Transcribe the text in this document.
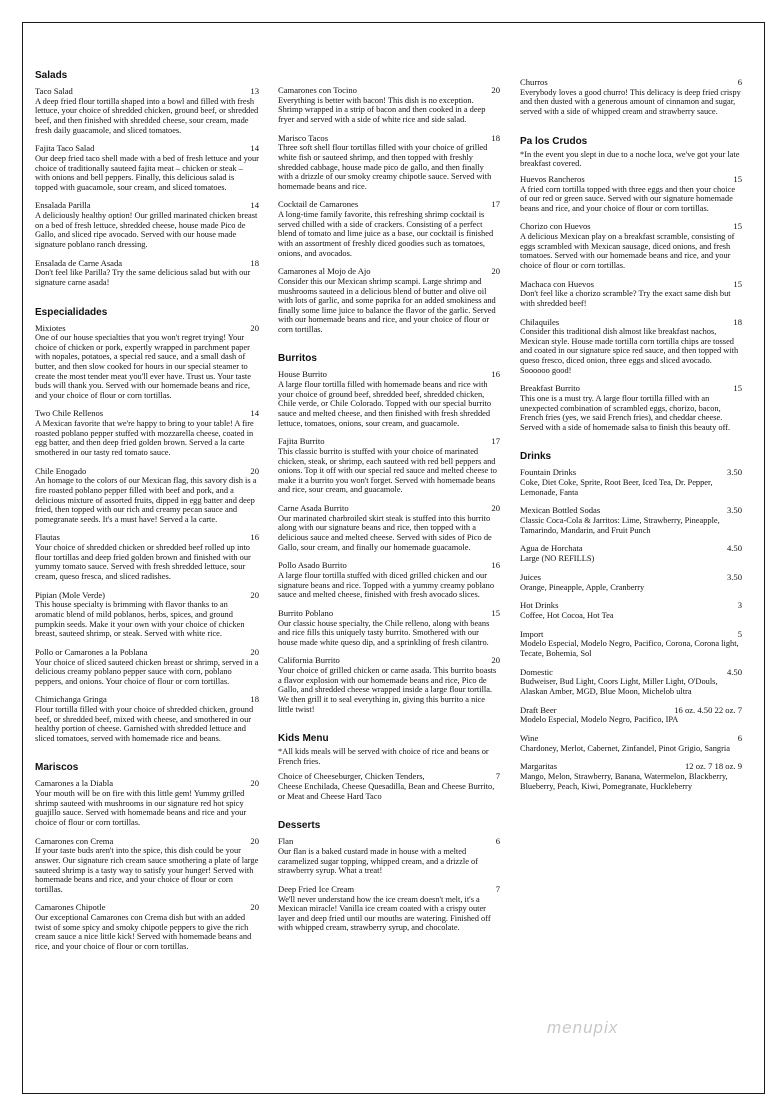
Salads
Taco Salad	13
A deep fried flour tortilla shaped into a bowl and filled with fresh lettuce, your choice of shredded chicken, ground beef, or shredded beef, and then finished with shredded cheese, sour cream, made fresh daily guacamole, and sliced tomatoes.
Fajita Taco Salad	14
Our deep fried taco shell made with a bed of fresh lettuce and your choice of traditionally sauteed fajita meat – chicken or steak – with onions and bell peppers. Finally, this delicious salad is topped with guacamole, sour cream, and sliced tomatoes.
Ensalada Parilla	14
A deliciously healthy option! Our grilled marinated chicken breast on a bed of fresh lettuce, shredded cheese, house made Pico de Gallo, and sliced ripe avocado. Served with our house made signature poblano ranch dressing.
Ensalada de Carne Asada	18
Don't feel like Parilla? Try the same delicious salad but with our signature carne asada!
Especialidades
Mixiotes	20
One of our house specialties that you won't regret trying! Your choice of chicken or pork, expertly wrapped in parchment paper with nopales, potatoes, a special red sauce, and a small dash of butter, and then slow cooked for hours in our special steamer to create the most tender meat you'll ever have. Trust us. Your taste buds will thank you. Served with our homemade beans and rice, and your choice of flour or corn tortillas.
Two Chile Rellenos	14
A Mexican favorite that we're happy to bring to your table! A fire roasted poblano pepper stuffed with mozzarella cheese, coated in egg batter, and then deep fried golden brown. Served a la carte smothered in our tasty red tomato sauce.
Chile Enogado	20
An homage to the colors of our Mexican flag, this savory dish is a fire roasted poblano pepper filled with beef and pork, and a delicious mixture of assorted fruits, dipped in egg batter and deep fried, then topped with our rich and creamy pecan sauce and pomegranate seeds. It's a must have! Served a la carte.
Flautas	16
Your choice of shredded chicken or shredded beef rolled up into flour tortillas and deep fried golden brown and finished with our yummy tomato sauce. Served with fresh shredded lettuce, sour cream, queso fresca, and sliced radishes.
Pipian (Mole Verde)	20
This house specialty is brimming with flavor thanks to an aromatic blend of mild poblanos, herbs, spices, and ground pumpkin seeds. Make it your own with your choice of chicken breast, sauteed shrimp, or steak. Served with white rice.
Pollo or Camarones a la Poblana	20
Your choice of sliced sauteed chicken breast or shrimp, served in a delicious creamy poblano pepper sauce with corn, poblano peppers, and onions. Your choice of flour or corn tortillas.
Chimichanga Gringa	18
Flour tortilla filled with your choice of shredded chicken, ground beef, or shredded beef, mixed with cheese, and smothered in our healthy portion of cheese. Garnished with shredded lettuce and sliced tomatoes, served with homemade rice and beans.
Mariscos
Camarones a la Diabla	20
Your mouth will be on fire with this little gem! Yummy grilled shrimp sauteed with mushrooms in our signature red hot spicy guajillo sauce. Served with homemade beans and rice and your choice of flour or corn tortillas.
Camarones con Crema	20
If your taste buds aren't into the spice, this dish could be your answer. Our signature rich cream sauce smothering a plate of large sauteed shrimp is a tasty way to satisfy your hunger! Served with homemade beans and rice, and your choice of flour or corn tortillas.
Camarones Chipotle	20
Our exceptional Camarones con Crema dish but with an added twist of some spicy and smoky chipotle peppers to give the rich cream sauce a nice little kick! Served with homemade beans and rice, and your choice of flour or corn tortillas.
Camarones con Tocino	20
Everything is better with bacon! This dish is no exception. Shrimp wrapped in a strip of bacon and then cooked in a deep fryer and served with a side of white rice and side salad.
Marisco Tacos	18
Three soft shell flour tortillas filled with your choice of grilled white fish or sauteed shrimp, and then topped with freshly shredded cabbage, house made pico de gallo, and then finally with a drizzle of our smoky creamy chipotle sauce. Served with homemade beans and rice.
Cocktail de Camarones	17
A long-time family favorite, this refreshing shrimp cocktail is served chilled with a side of crackers. Consisting of a perfect blend of tomato and lime juice as a base, our cocktail is finished with an assortment of freshly diced goodies such as tomatoes, onions, and avocados.
Camarones al Mojo de Ajo	20
Consider this our Mexican shrimp scampi. Large shrimp and mushrooms sauteed in a delicious blend of butter and olive oil with lots of garlic, and some paprika for an added smokiness and finally some lime juice to balance the flavor of the garlic. Served with our homemade beans and rice, and your choice of flour or corn tortillas.
Burritos
House Burrito	16
A large flour tortilla filled with homemade beans and rice with your choice of ground beef, shredded beef, shredded chicken, Chile verde, or Chile Colorado. Topped with our special burrito sauce and melted cheese, and then finished with fresh shredded lettuce, tomatoes, onions, sour cream, and guacamole.
Fajita Burrito	17
This classic burrito is stuffed with your choice of marinated chicken, steak, or shrimp, each sauteed with red bell peppers and onions. Top it off with our special red sauce and melted cheese to make it a burrito you won't forget. Served with homemade beans and rice, sour cream, and guacamole.
Carne Asada Burrito	20
Our marinated charbroiled skirt steak is stuffed into this burrito along with our signature beans and rice, then topped with a delicious sauce and melted cheese. Served with sides of Pico de Gallo, sour cream, and finally our homemade guacamole.
Pollo Asado Burrito	16
A large flour tortilla stuffed with diced grilled chicken and our signature beans and rice. Topped with a yummy creamy poblano sauce and melted cheese, finished with fresh avocado slices.
Burrito Poblano	15
Our classic house specialty, the Chile relleno, along with beans and rice fills this uniquely tasty burrito. Smothered with our house made white queso dip, and a sprinkling of fresh cilantro.
California Burrito	20
Your choice of grilled chicken or carne asada. This burrito boasts a flavor explosion with our homemade beans and rice, Pico de Gallo, and shredded cheese wrapped inside a large flour tortilla. We then grill it to seal everything in, giving this burrito a nice little twist!
Kids Menu
*All kids meals will be served with choice of rice and beans or French fries.
Choice of Cheeseburger, Chicken Tenders,	7
Cheese Enchilada, Cheese Quesadilla, Bean and Cheese Burrito, or Meat and Cheese Hard Taco
Desserts
Flan	6
Our flan is a baked custard made in house with a melted caramelized sugar topping, whipped cream, and a drizzle of strawberry syrup. What a treat!
Deep Fried Ice Cream	7
We'll never understand how the ice cream doesn't melt, it's a Mexican miracle! Vanilla ice cream coated with a crispy outer layer and deep fried until our mouths are watering. Finished off with whipped cream, strawberry syrup, and chocolate.
Churros	6
Everybody loves a good churro! This delicacy is deep fried crispy and then dusted with a generous amount of cinnamon and sugar, served with a side of whipped cream and strawberry sauce.
Pa los Crudos
*In the event you slept in due to a noche loca, we've got your late breakfast covered.
Huevos Rancheros	15
A fried corn tortilla topped with three eggs and then your choice of our red or green sauce. Served with our signature homemade beans and rice, and your choice of flour or corn tortillas.
Chorizo con Huevos	15
A delicious Mexican play on a breakfast scramble, consisting of eggs scrambled with Mexican sausage, diced onions, and fresh tomatoes. Served with our homemade beans and rice, and your choice of flour or corn tortillas.
Machaca con Huevos	15
Don't feel like a chorizo scramble? Try the exact same dish but with shredded beef!
Chilaquiles	18
Consider this traditional dish almost like breakfast nachos, Mexican style. House made tortilla corn tortilla chips are tossed and coated in our signature spice red sauce, and then topped with queso fresco, diced onion, three eggs and sliced avocado. Soooooo good!
Breakfast Burrito	15
This one is a must try. A large flour tortilla filled with an unexpected combination of scrambled eggs, chorizo, bacon, French fries (yes, we said French fries), and cheddar cheese. Served with a side of homemade salsa to finish this beauty off.
Drinks
Fountain Drinks	3.50
Coke, Diet Coke, Sprite, Root Beer, Iced Tea, Dr. Pepper, Lemonade, Fanta
Mexican Bottled Sodas	3.50
Classic Coca-Cola & Jarritos: Lime, Strawberry, Pineapple, Tamarindo, Mandarin, and Fruit Punch
Agua de Horchata	4.50
Large (NO REFILLS)
Juices	3.50
Orange, Pineapple, Apple, Cranberry
Hot Drinks	3
Coffee, Hot Cocoa, Hot Tea
Import	5
Modelo Especial, Modelo Negro, Pacifico, Corona, Corona light, Tecate, Bohemia, Sol
Domestic	4.50
Budweiser, Bud Light, Coors Light, Miller Light, O'Douls, Alaskan Amber, MGD, Blue Moon, Michelob ultra
Draft Beer	16 oz. 4.50 22 oz. 7
Modelo Especial, Modelo Negro, Pacifico, IPA
Wine	6
Chardoney, Merlot, Cabernet, Zinfandel, Pinot Grigio, Sangria
Margaritas	12 oz. 7 18 oz. 9
Mango, Melon, Strawberry, Banana, Watermelon, Blackberry, Blueberry, Peach, Kiwi, Pomegranate, Huckleberry
menupix
